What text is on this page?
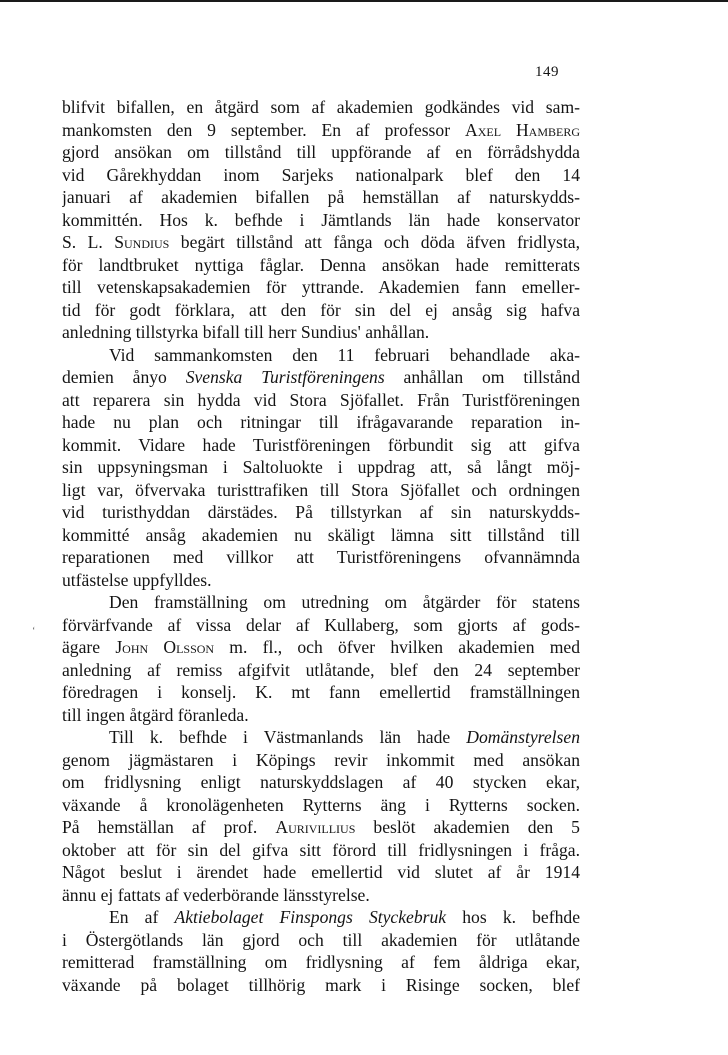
149
‘
blifvit bifallen, en åtgärd som af akademien godkändes vid sam-
mankomsten den 9 september. En af professor Axel Hamberg
gjord ansökan om tillstånd till uppförande af en förrådshydda
vid Gårekhyddan inom Sarjeks nationalpark blef den 14
januari af akademien bifallen på hemställan af naturskydds-
kommittén. Hos k. befhde i Jämtlands län hade konservator
S. L. Sundius begärt tillstånd att fånga och döda äfven fridlysta,
för landtbruket nyttiga fåglar. Denna ansökan hade remitterats
till vetenskapsakademien för yttrande. Akademien fann emeller-
tid för godt förklara, att den för sin del ej ansåg sig hafva
anledning tillstyrka bifall till herr Sundius' anhållan.
Vid sammankomsten den 11 februari behandlade aka-
demien ånyo Svenska Turistföreningens anhållan om tillstånd
att reparera sin hydda vid Stora Sjöfallet. Från Turistföreningen
hade nu plan och ritningar till ifrågavarande reparation in-
kommit. Vidare hade Turistföreningen förbundit sig att gifva
sin uppsyningsman i Saltoluokte i uppdrag att, så långt möj-
ligt var, öfvervaka turisttrafiken till Stora Sjöfallet och ordningen
vid turisthyddan därstädes. På tillstyrkan af sin naturskydds-
kommitté ansåg akademien nu skäligt lämna sitt tillstånd till
reparationen med villkor att Turistföreningens ofvannämnda
utfästelse uppfylldes.
Den framställning om utredning om åtgärder för statens
förvärfvande af vissa delar af Kullaberg, som gjorts af gods-
ägare John Olsson m. fl., och öfver hvilken akademien med
anledning af remiss afgifvit utlåtande, blef den 24 september
föredragen i konselj. K. mt fann emellertid framställningen
till ingen åtgärd föranleda.
Till k. befhde i Västmanlands län hade Domänstyrelsen
genom jägmästaren i Köpings revir inkommit med ansökan
om fridlysning enligt naturskyddslagen af 40 stycken ekar,
växande å kronolägenheten Rytterns äng i Rytterns socken.
På hemställan af prof. Aurivillius beslöt akademien den 5
oktober att för sin del gifva sitt förord till fridlysningen i fråga.
Något beslut i ärendet hade emellertid vid slutet af år 1914
ännu ej fattats af vederbörande länsstyrelse.
En af Aktiebolaget Finspongs Styckebruk hos k. befhde
i Östergötlands län gjord och till akademien för utlåtande
remitterad framställning om fridlysning af fem åldriga ekar,
växande på bolaget tillhörig mark i Risinge socken, blef
